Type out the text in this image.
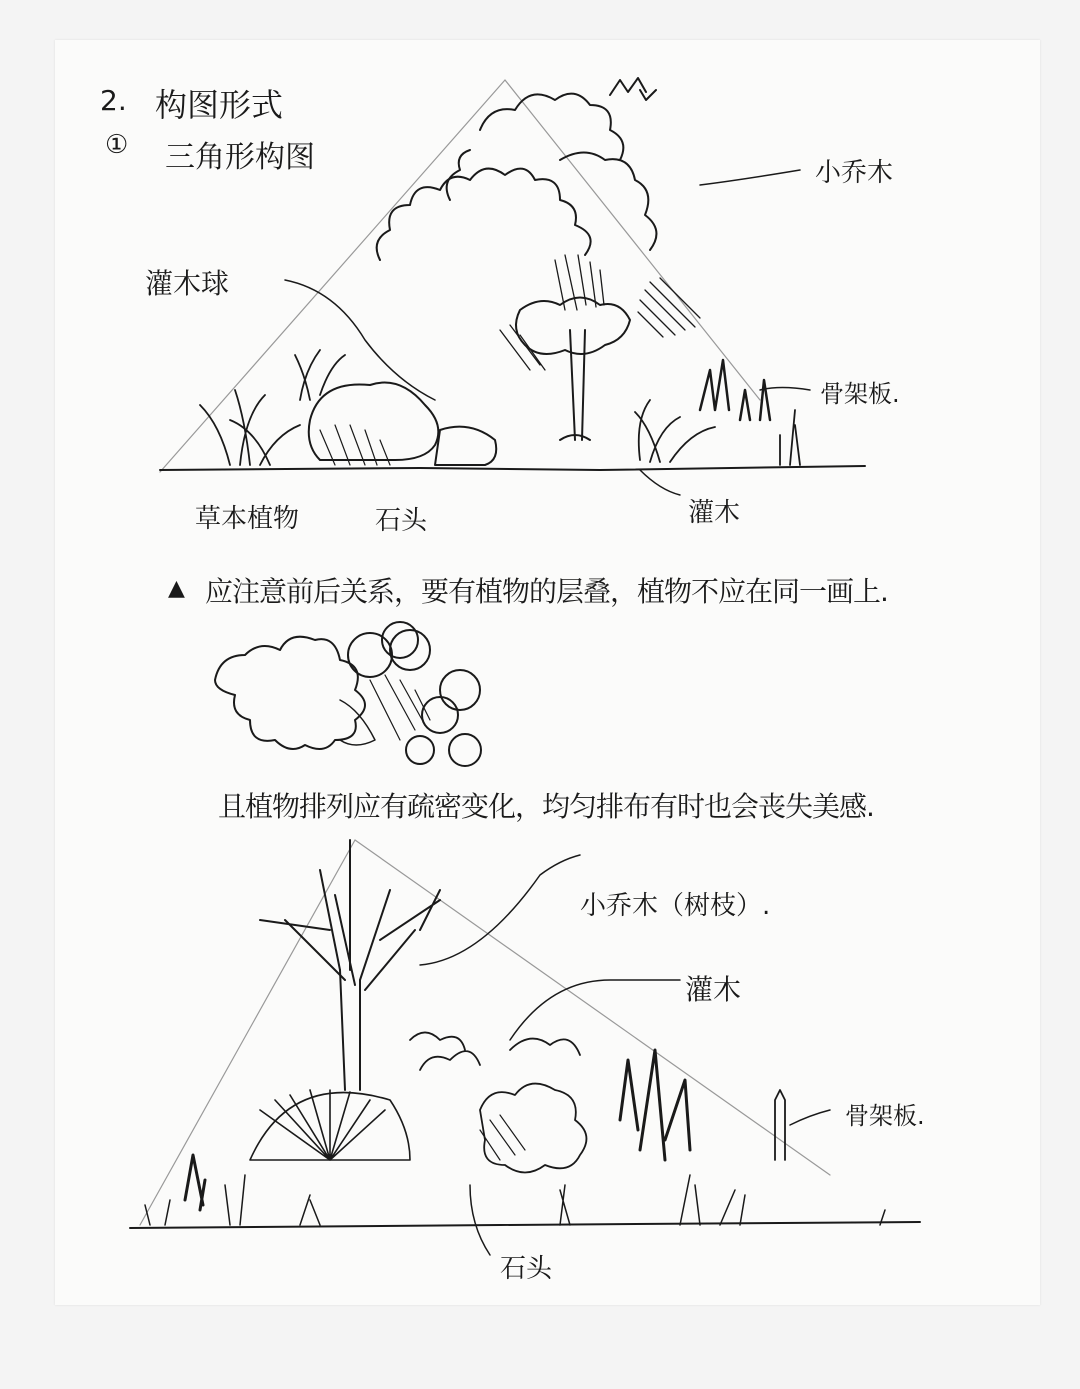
2. 构图形式
① 三角形构图	小乔木
灌木球
骨架板.
草本植物	石头	灌木
▲ 应注意前后关系，要有植物的层叠，植物不应在同一画上.
且植物排列应有疏密变化，均匀排布有时也会丧失美感.
小乔木（树枝）.
灌木
骨架板.
石头
